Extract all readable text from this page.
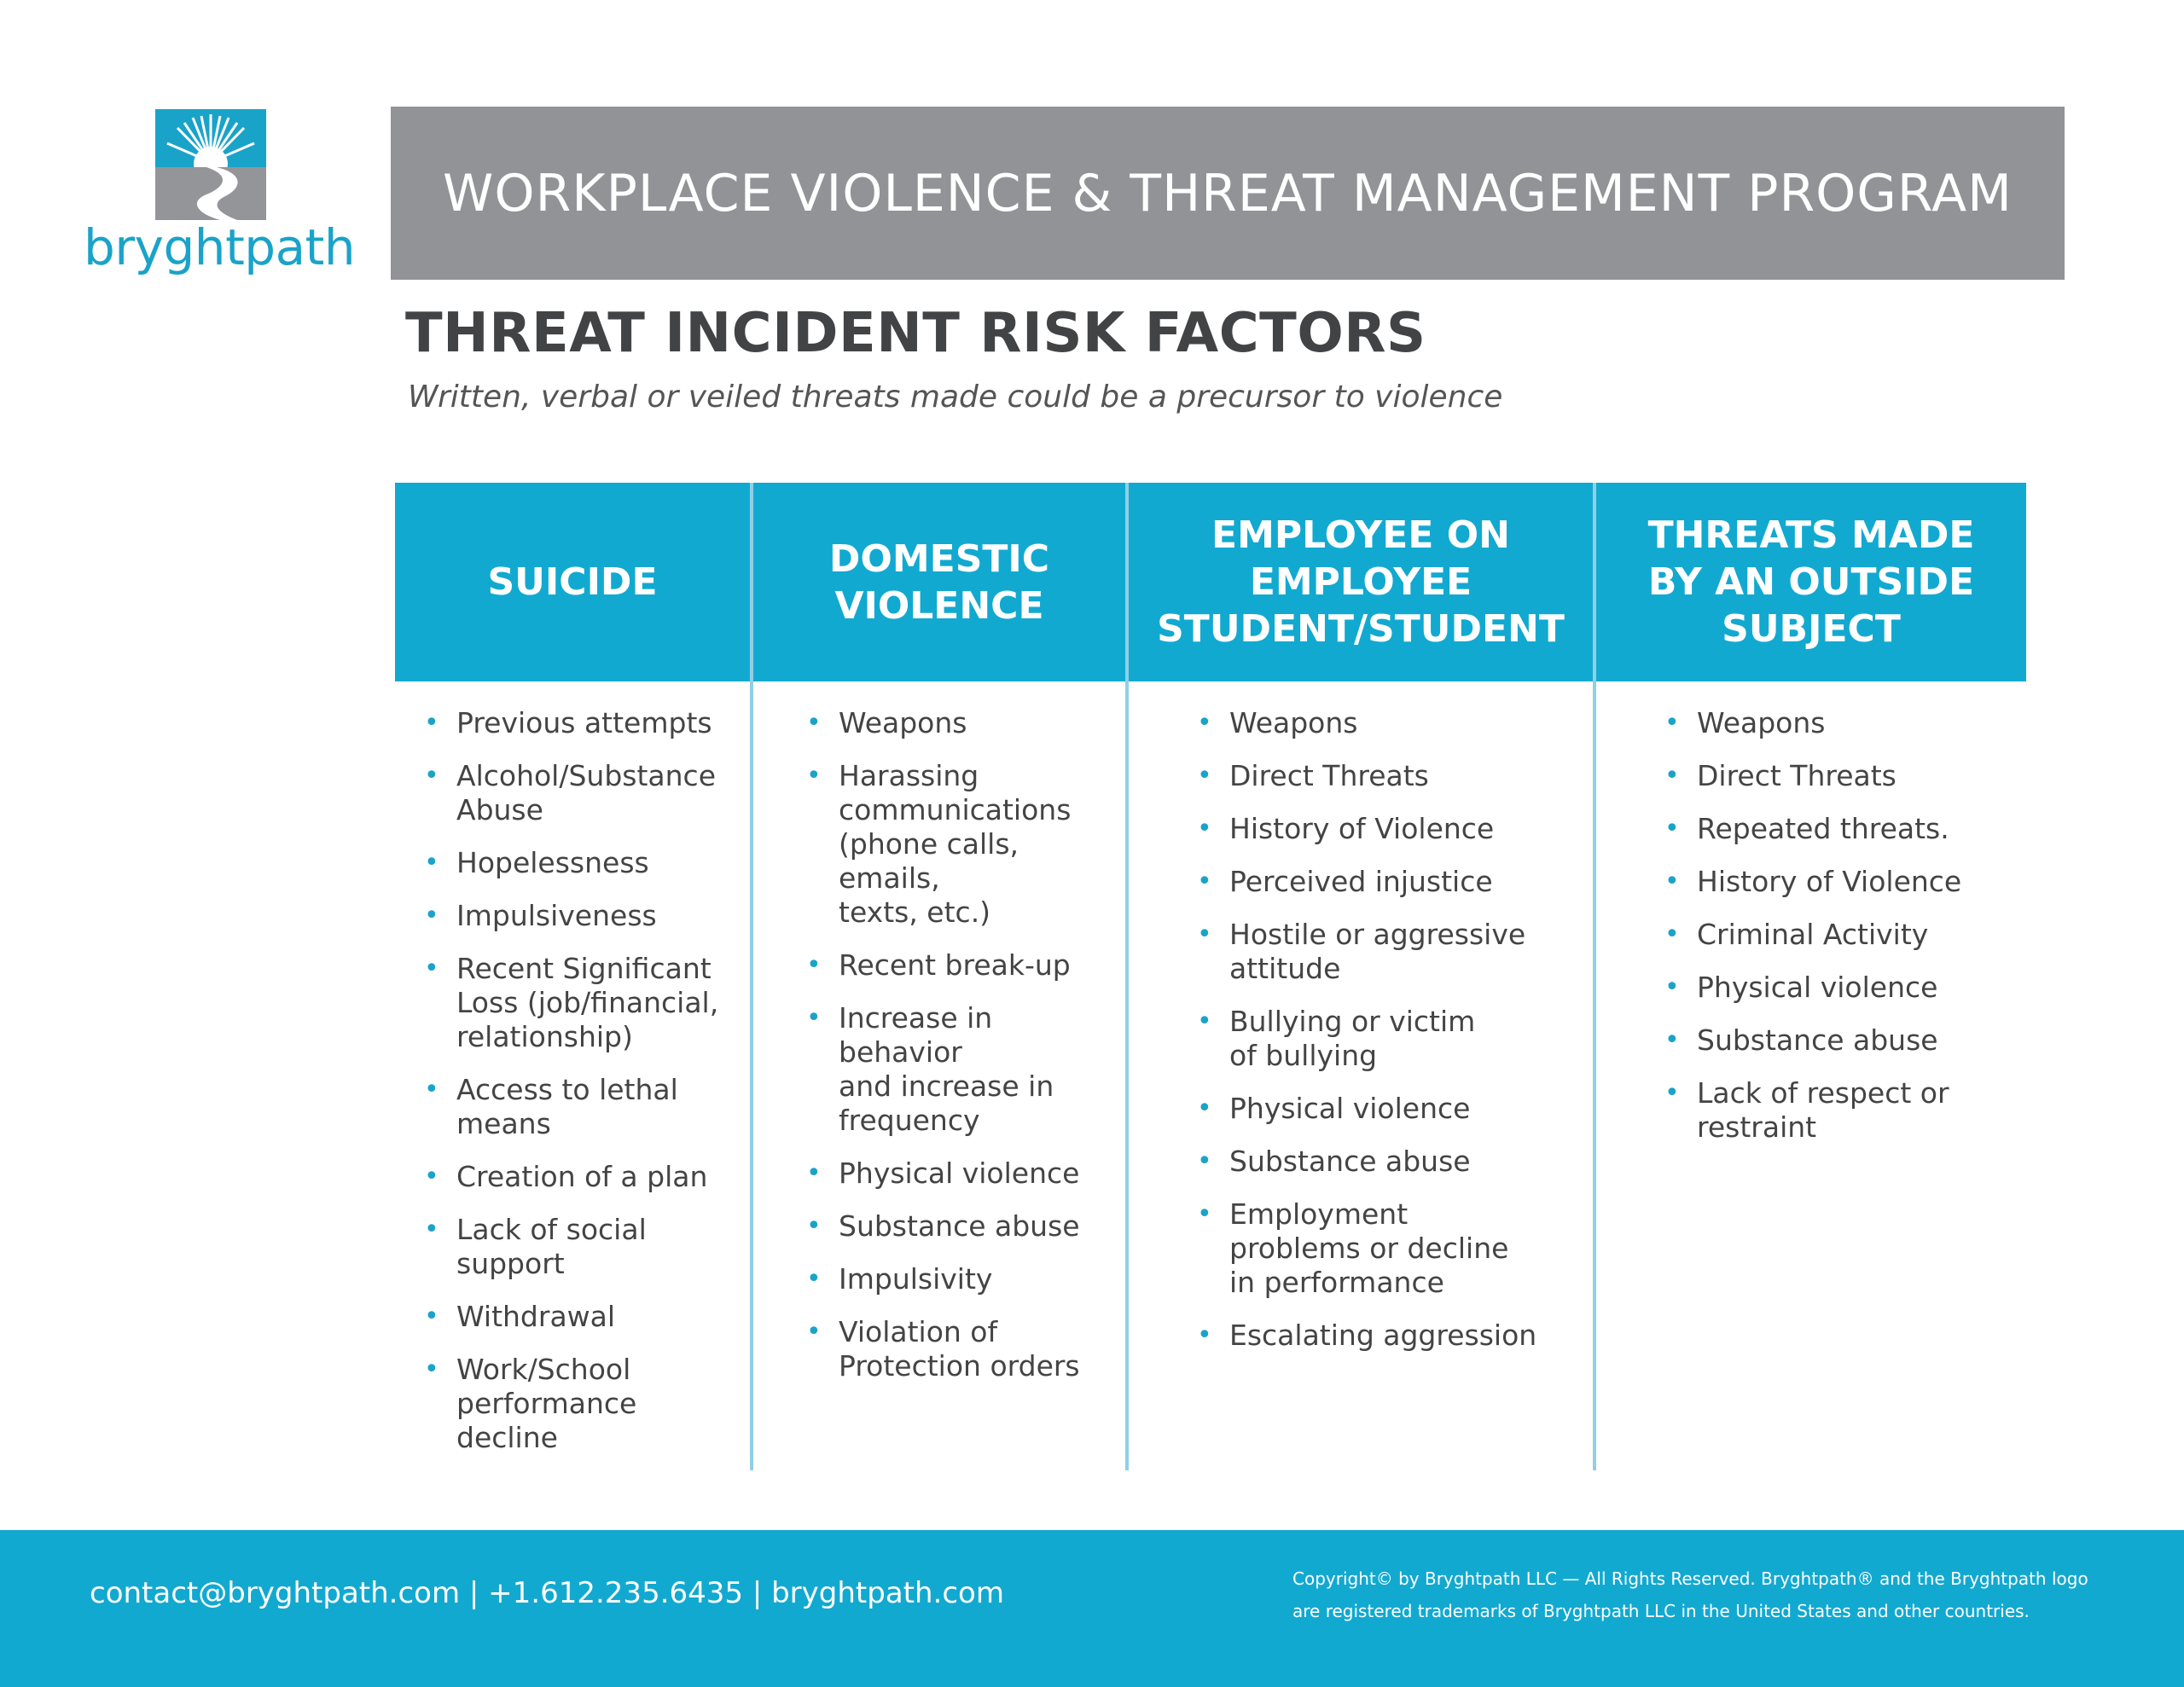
bryghtpath
WORKPLACE VIOLENCE & THREAT MANAGEMENT PROGRAM
THREAT INCIDENT RISK FACTORS
Written, verbal or veiled threats made could be a precursor to violence
SUICIDE
DOMESTIC
VIOLENCE
EMPLOYEE ON
EMPLOYEE
STUDENT/STUDENT
THREATS MADE
BY AN OUTSIDE
SUBJECT
• Previous attempts
• Alcohol/Substance
Abuse
• Hopelessness
• Impulsiveness
• Recent Significant
Loss (job/financial,
relationship)
• Access to lethal
means
• Creation of a plan
• Lack of social
support
• Withdrawal
• Work/School
performance decline
• Weapons
• Harassing
communications
(phone calls, emails,
texts, etc.)
• Recent break-up
• Increase in behavior
and increase in
frequency
• Physical violence
• Substance abuse
• Impulsivity
• Violation of
Protection orders
• Weapons
• Direct Threats
• History of Violence
• Perceived injustice
• Hostile or aggressive
attitude
• Bullying or victim
of bullying
• Physical violence
• Substance abuse
• Employment
problems or decline
in performance
• Escalating aggression
• Weapons
• Direct Threats
• Repeated threats.
• History of Violence
• Criminal Activity
• Physical violence
• Substance abuse
• Lack of respect or
restraint
contact@bryghtpath.com | +1.612.235.6435 | bryghtpath.com	Copyright© by Bryghtpath LLC — All Rights Reserved. Bryghtpath® and the Bryghtpath logo
are registered trademarks of Bryghtpath LLC in the United States and other countries.
